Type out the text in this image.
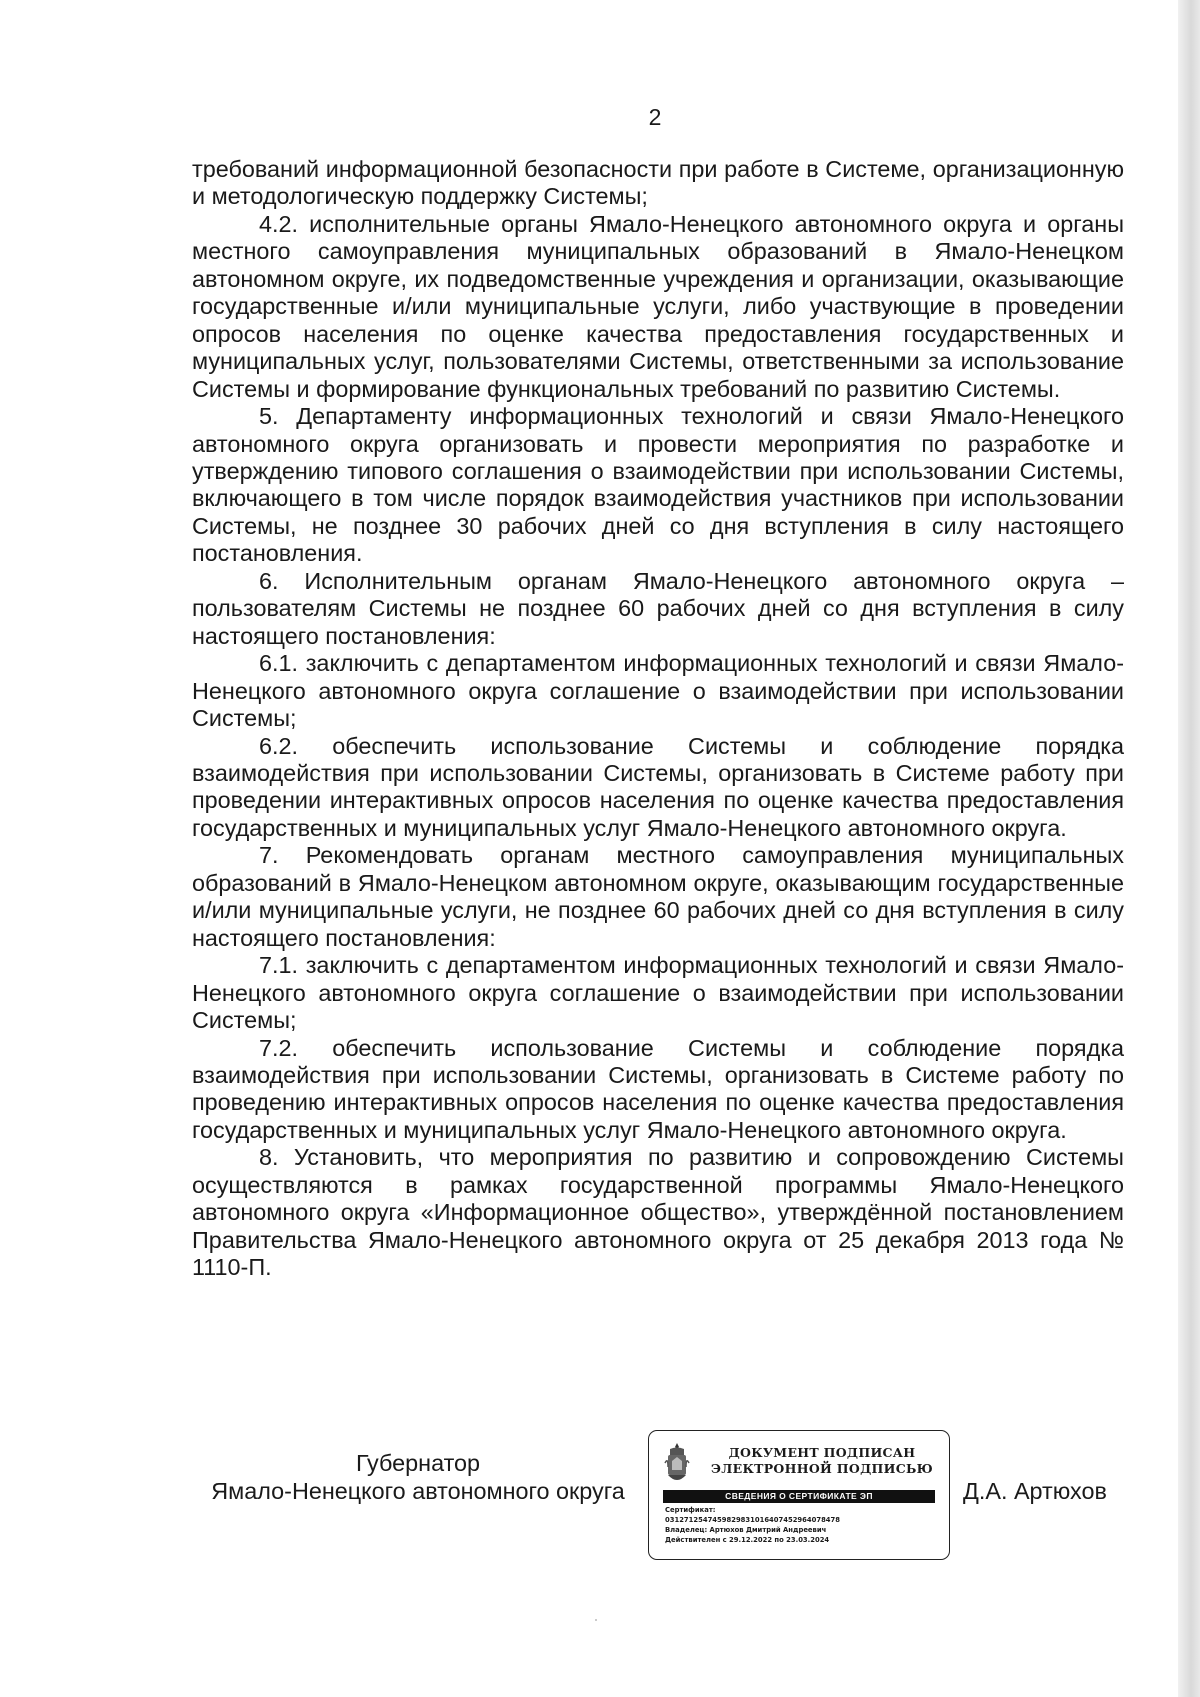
2

требований информационной безопасности при работе в Системе, организационную и методологическую поддержку Системы;

4.2. исполнительные органы Ямало-Ненецкого автономного округа и органы местного самоуправления муниципальных образований в Ямало-Ненецком автономном округе, их подведомственные учреждения и организации, оказывающие государственные и/или муниципальные услуги, либо участвующие в проведении опросов населения по оценке качества предоставления государственных и муниципальных услуг, пользователями Системы, ответственными за использование Системы и формирование функциональных требований по развитию Системы.

5. Департаменту информационных технологий и связи Ямало-Ненецкого автономного округа организовать и провести мероприятия по разработке и утверждению типового соглашения о взаимодействии при использовании Системы, включающего в том числе порядок взаимодействия участников при использовании Системы, не позднее 30 рабочих дней со дня вступления в силу настоящего постановления.

6. Исполнительным органам Ямало-Ненецкого автономного округа – пользователям Системы не позднее 60 рабочих дней со дня вступления в силу настоящего постановления:

6.1. заключить с департаментом информационных технологий и связи Ямало-Ненецкого автономного округа соглашение о взаимодействии при использовании Системы;

6.2. обеспечить использование Системы и соблюдение порядка взаимодействия при использовании Системы, организовать в Системе работу при проведении интерактивных опросов населения по оценке качества предоставления государственных и муниципальных услуг Ямало-Ненецкого автономного округа.

7. Рекомендовать органам местного самоуправления муниципальных образований в Ямало-Ненецком автономном округе, оказывающим государственные и/или муниципальные услуги, не позднее 60 рабочих дней со дня вступления в силу настоящего постановления:

7.1. заключить с департаментом информационных технологий и связи Ямало-Ненецкого автономного округа соглашение о взаимодействии при использовании Системы;

7.2. обеспечить использование Системы и соблюдение порядка взаимодействия при использовании Системы, организовать в Системе работу по проведению интерактивных опросов населения по оценке качества предоставления государственных и муниципальных услуг Ямало-Ненецкого автономного округа.

8. Установить, что мероприятия по развитию и сопровождению Системы осуществляются в рамках государственной программы Ямало-Ненецкого автономного округа «Информационное общество», утверждённой постановлением Правительства Ямало-Ненецкого автономного округа от 25 декабря 2013 года № 1110-П.

Губернатор
Ямало-Ненецкого автономного округа
ДОКУМЕНТ ПОДПИСАН
ЭЛЕКТРОННОЙ ПОДПИСЬЮ
СВЕДЕНИЯ О СЕРТИФИКАТЕ ЭП
Сертификат:
0312712547459829831016407452964078478
Владелец: Артюхов Дмитрий Андреевич
Действителен с 29.12.2022 по 23.03.2024
Д.А. Артюхов
